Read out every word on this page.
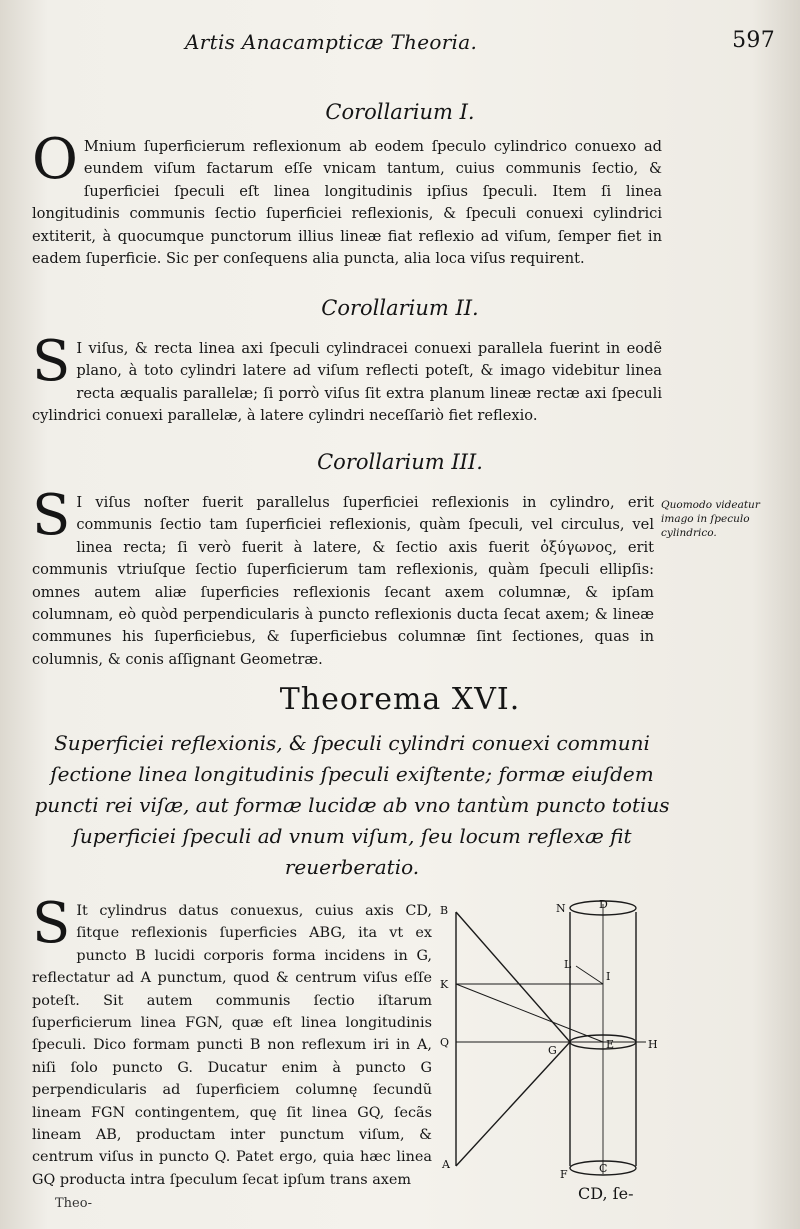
Artis Anacampticæ Theoria.	597
Corollarium I.
O Mnium ſuperficierum reflexionum ab eodem ſpeculo cylindrico conuexo ad eundem viſum factarum eſſe vnicam tantum, cuius communis ſectio, & ſuperficiei ſpeculi eſt linea longitudinis ipſius ſpeculi. Item ſi linea longitudinis communis ſectio ſuperficiei reflexionis, & ſpeculi conuexi cylindrici extiterit, à quocumque punctorum illius lineæ fiat reflexio ad viſum, ſemper fiet in eadem ſuperficie. Sic per conſequens alia puncta, alia loca viſus requirent.

Corollarium II.
S I viſus, & recta linea axi ſpeculi cylindracei conuexi parallela fuerint in eodẽ plano, à toto cylindri latere ad viſum reflecti poteſt, & imago videbitur linea recta æqualis parallelæ; ſi porrò viſus ſit extra planum lineæ rectæ axi ſpeculi cylindrici conuexi parallelæ, à latere cylindri neceſſariò fiet reflexio.

Corollarium III.
S I viſus noſter fuerit parallelus ſuperficiei reflexionis in cylindro, erit communis ſectio tam ſuperficiei reflexionis, quàm ſpeculi, vel circulus, vel linea recta; ſi verò fuerit à latere, & ſectio axis fuerit ὀξύγωνος, erit communis vtriuſque ſectio ſuperficierum tam reflexionis, quàm ſpeculi ellipſis: omnes autem aliæ ſuperficies reflexionis ſecant axem columnæ, & ipſam columnam, eò quòd perpendicularis à puncto reflexionis ducta ſecat axem; & lineæ communes his ſuperficiebus, & ſuperficiebus columnæ ſint ſectiones, quas in columnis, & conis aſſignant Geometræ.

Quomodo videatur imago in ſpeculo cylindrico.
Theorema XVI.
Superficiei reflexionis, & ſpeculi cylindri conuexi communi ſectione linea longitudinis ſpeculi exiſtente; formæ eiuſdem puncti rei viſæ, aut formæ lucidæ ab vno tantùm puncto totius ſuperficiei ſpeculi ad vnum viſum, ſeu locum reflexæ fit reuerberatio.
S It cylindrus datus conuexus, cuius axis CD, ſitque reflexionis ſuperficies ABG, ita vt ex puncto B lucidi corporis forma incidens in G, reflectatur ad A punctum, quod & centrum viſus eſſe poteſt. Sit autem communis ſectio iſtarum ſuperficierum linea FGN, quæ eſt linea longitudinis ſpeculi. Dico formam puncti B non reflexum iri in A, niſi ſolo puncto G. Ducatur enim à puncto G perpendicularis ad ſuperficiem columnę ſecundũ lineam FGN contingentem, quę ſit linea GQ, ſecãs lineam AB, productam inter punctum viſum, & centrum viſus in puncto Q. Patet ergo, quia hæc linea GQ producta intra ſpeculum ſecat ipſum trans axem

B
K
Q
A
G
N	D
L
I
E	H
F	C
Theo-
CD, ſe-
